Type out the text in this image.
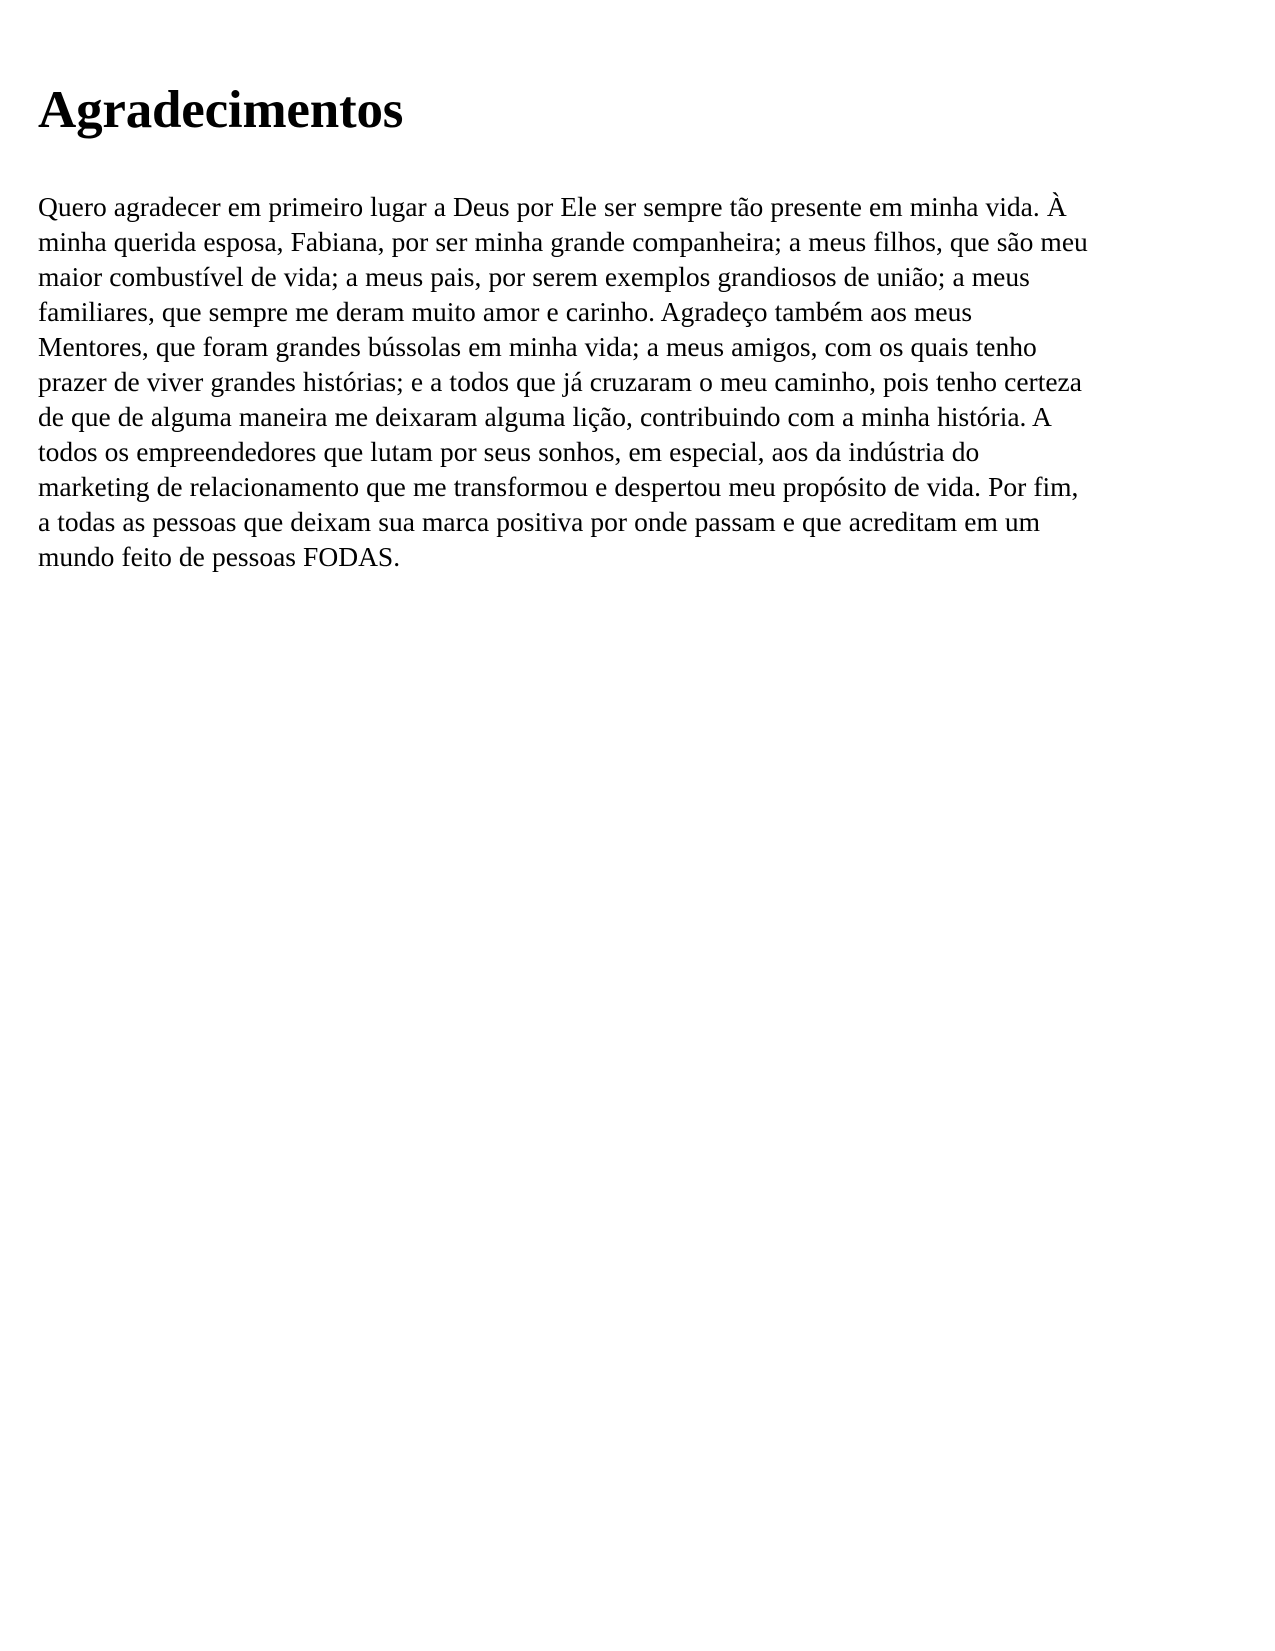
Agradecimentos

Quero agradecer em primeiro lugar a Deus por Ele ser sempre tão presente em minha vida. À
minha querida esposa, Fabiana, por ser minha grande companheira; a meus filhos, que são meu
maior combustível de vida; a meus pais, por serem exemplos grandiosos de união; a meus
familiares, que sempre me deram muito amor e carinho. Agradeço também aos meus
Mentores, que foram grandes bússolas em minha vida; a meus amigos, com os quais tenho
prazer de viver grandes histórias; e a todos que já cruzaram o meu caminho, pois tenho certeza
de que de alguma maneira me deixaram alguma lição, contribuindo com a minha história. A
todos os empreendedores que lutam por seus sonhos, em especial, aos da indústria do
marketing de relacionamento que me transformou e despertou meu propósito de vida. Por fim,
a todas as pessoas que deixam sua marca positiva por onde passam e que acreditam em um
mundo feito de pessoas FODAS.
